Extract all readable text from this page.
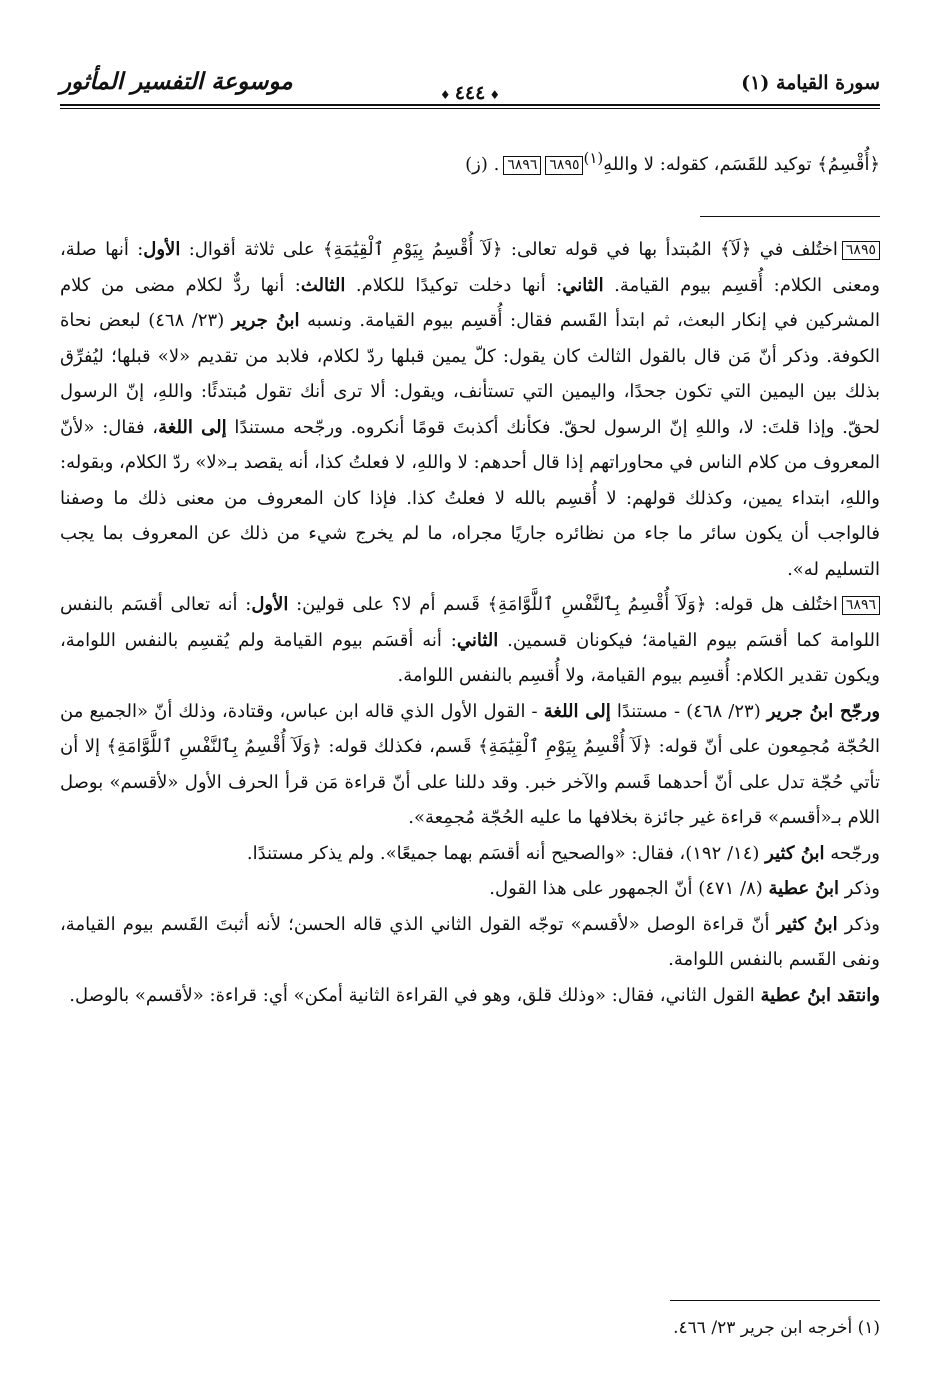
سورة القيامة (١)
♦ ٤٤٤ ♦
موسوعة التفسير المأثور
﴿أُقْسِمُ﴾ توكيد للقَسَم، كقوله: لا واللهِ$^{(١)}$٦٨٩٥٦٨٩٦. (ز)

٦٨٩٥اختُلف في ﴿لَآ﴾ المُبتدأ بها في قوله تعالى: ﴿لَآ أُقْسِمُ بِيَوْمِ ٱلْقِيَٰمَةِ﴾ على ثلاثة أقوال: الأول: أنها صلة، ومعنى الكلام: أُقسِم بيوم القيامة. الثاني: أنها دخلت توكيدًا للكلام. الثالث: أنها ردٌّ لكلام مضى من كلام المشركين في إنكار البعث، ثم ابتدأ القَسم فقال: أُقسِم بيوم القيامة. ونسبه ابنُ جرير (٢٣/ ٤٦٨) لبعض نحاة الكوفة. وذكر أنّ مَن قال بالقول الثالث كان يقول: كلّ يمين قبلها ردّ لكلام، فلابد من تقديم «لا» قبلها؛ ليُفرِّق بذلك بين اليمين التي تكون جحدًا، واليمين التي تستأنف، ويقول: ألا ترى أنك تقول مُبتدئًا: واللهِ، إنّ الرسول لحقّ. وإذا قلتَ: لا، واللهِ إنّ الرسول لحقّ. فكأنك أكذبتَ قومًا أنكروه. ورجّحه مستندًا إلى اللغة، فقال: «لأنّ المعروف من كلام الناس في محاوراتهم إذا قال أحدهم: لا واللهِ، لا فعلتُ كذا، أنه يقصد بـ«لا» ردّ الكلام، وبقوله: واللهِ، ابتداء يمين، وكذلك قولهم: لا أُقسِم بالله لا فعلتُ كذا. فإذا كان المعروف من معنى ذلك ما وصفنا فالواجب أن يكون سائر ما جاء من نظائره جاريًا مجراه، ما لم يخرج شيء من ذلك عن المعروف بما يجب التسليم له».

٦٨٩٦اختُلف هل قوله: ﴿وَلَآ أُقْسِمُ بِٱلنَّفْسِ ٱللَّوَّامَةِ﴾ قَسم أم لا؟ على قولين: الأول: أنه تعالى أقسَم بالنفس اللوامة كما أقسَم بيوم القيامة؛ فيكونان قسمين. الثاني: أنه أقسَم بيوم القيامة ولم يُقسِم بالنفس اللوامة، ويكون تقدير الكلام: أُقسِم بيوم القيامة، ولا أُقسِم بالنفس اللوامة.

ورجّح ابنُ جرير (٢٣/ ٤٦٨) - مستندًا إلى اللغة - القول الأول الذي قاله ابن عباس، وقتادة، وذلك أنّ «الجميع من الحُجّة مُجمِعون على أنّ قوله: ﴿لَآ أُقْسِمُ بِيَوْمِ ٱلْقِيَٰمَةِ﴾ قَسم، فكذلك قوله: ﴿وَلَآ أُقْسِمُ بِٱلنَّفْسِ ٱللَّوَّامَةِ﴾ إلا أن تأتي حُجّة تدل على أنّ أحدهما قَسم والآخر خبر. وقد دللنا على أنّ قراءة مَن قرأ الحرف الأول «لأقسم» بوصل اللام بـ«أقسم» قراءة غير جائزة بخلافها ما عليه الحُجّة مُجمِعة».

ورجّحه ابنُ كثير (١٤/ ١٩٢)، فقال: «والصحيح أنه أقسَم بهما جميعًا». ولم يذكر مستندًا.

وذكر ابنُ عطية (٨/ ٤٧١) أنّ الجمهور على هذا القول.

وذكر ابنُ كثير أنّ قراءة الوصل «لأقسم» توجّه القول الثاني الذي قاله الحسن؛ لأنه أثبتَ القَسم بيوم القيامة، ونفى القَسم بالنفس اللوامة.

وانتقد ابنُ عطية القول الثاني، فقال: «وذلك قلق، وهو في القراءة الثانية أمكن» أي: قراءة: «لأقسم» بالوصل.

(١) أخرجه ابن جرير ٢٣/ ٤٦٦.
